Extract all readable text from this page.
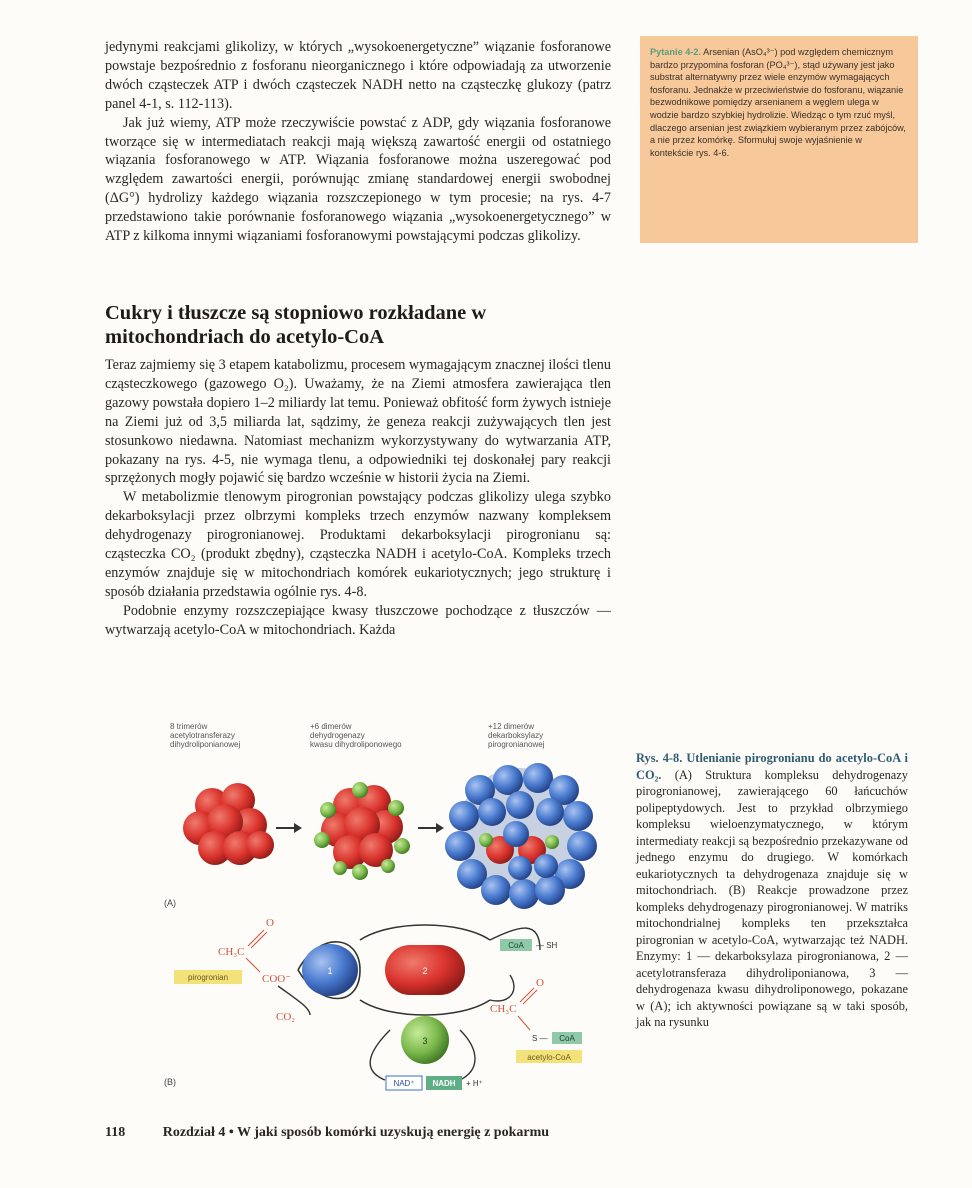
jedynymi reakcjami glikolizy, w których „wysokoenergetyczne” wiązanie fosforanowe powstaje bezpośrednio z fosforanu nieorganicznego i które odpowiadają za utworzenie dwóch cząsteczek ATP i dwóch cząsteczek NADH netto na cząsteczkę glukozy (patrz panel 4-1, s. 112-113).

Jak już wiemy, ATP może rzeczywiście powstać z ADP, gdy wiązania fosforanowe tworzące się w intermediatach reakcji mają większą zawartość energii od ostatniego wiązania fosforanowego w ATP. Wiązania fosforanowe można uszeregować pod względem zawartości energii, porównując zmianę standardowej energii swobodnej (ΔG°) hydrolizy każdego wiązania rozszczepionego w tym procesie; na rys. 4-7 przedstawiono takie porównanie fosforanowego wiązania „wysokoenergetycznego” w ATP z kilkoma innymi wiązaniami fosforanowymi powstającymi podczas glikolizy.

Pytanie 4-2. Arsenian (AsO₄³⁻) pod względem chemicznym bardzo przypomina fosforan (PO₄³⁻), stąd używany jest jako substrat alternatywny przez wiele enzymów wymagających fosforanu. Jednakże w przeciwieństwie do fosforanu, wiązanie bezwodnikowe pomiędzy arsenianem a węglem ulega w wodzie bardzo szybkiej hydrolizie. Wiedząc o tym rzuć myśl, dlaczego arsenian jest związkiem wybieranym przez zabójców, a nie przez komórkę. Sformułuj swoje wyjaśnienie w kontekście rys. 4-6.
Cukry i tłuszcze są stopniowo rozkładane w mitochondriach do acetylo-CoA

Teraz zajmiemy się 3 etapem katabolizmu, procesem wymagającym znacznej ilości tlenu cząsteczkowego (gazowego O₂). Uważamy, że na Ziemi atmosfera zawierająca tlen gazowy powstała dopiero 1–2 miliardy lat temu. Ponieważ obfitość form żywych istnieje na Ziemi już od 3,5 miliarda lat, sądzimy, że geneza reakcji zużywających tlen jest stosunkowo niedawna. Natomiast mechanizm wykorzystywany do wytwarzania ATP, pokazany na rys. 4-5, nie wymaga tlenu, a odpowiedniki tej doskonałej pary reakcji sprzężonych mogły pojawić się bardzo wcześnie w historii życia na Ziemi.

W metabolizmie tlenowym pirogronian powstający podczas glikolizy ulega szybko dekarboksylacji przez olbrzymi kompleks trzech enzymów nazwany kompleksem dehydrogenazy pirogronianowej. Produktami dekarboksylacji pirogronianu są: cząsteczka CO₂ (produkt zbędny), cząsteczka NADH i acetylo-CoA. Kompleks trzech enzymów znajduje się w mitochondriach komórek eukariotycznych; jego strukturę i sposób działania przedstawia ogólnie rys. 4-8.

Podobnie enzymy rozszczepiające kwasy tłuszczowe pochodzące z tłuszczów — wytwarzają acetylo-CoA w mitochondriach. Każda

8 trimerów
acetylotransferazy
dihydroliponianowej
+6 dimerów
dehydrogenazy
kwasu dihydroliponowego
+12 dimerów
dekarboksylazy
pirogronianowej
(A)
(B)
CH₃C
O
COO⁻
pirogronian
CO₂
1	2
3
CoA — SH
CH₃C
O
S — CoA
acetylo-CoA
NAD⁺ NADH + H⁺
Rys. 4-8. Utlenianie pirogronianu do acetylo-CoA i CO₂. (A) Struktura kompleksu dehydrogenazy pirogronianowej, zawierającego 60 łańcuchów polipeptydowych. Jest to przykład olbrzymiego kompleksu wieloenzymatycznego, w którym intermediaty reakcji są bezpośrednio przekazywane od jednego enzymu do drugiego. W komórkach eukariotycznych ta dehydrogenaza znajduje się w mitochondriach. (B) Reakcje prowadzone przez kompleks dehydrogenazy pirogronianowej. W matriks mitochondrialnej kompleks ten przekształca pirogronian w acetylo-CoA, wytwarzając też NADH. Enzymy: 1 — dekarboksylaza pirogronianowa, 2 — acetylotransferaza dihydroliponianowa, 3 — dehydrogenaza kwasu dihydroliponowego, pokazane w (A); ich aktywności powiązane są w taki sposób, jak na rysunku
118	Rozdział 4 • W jaki sposób komórki uzyskują energię z pokarmu
